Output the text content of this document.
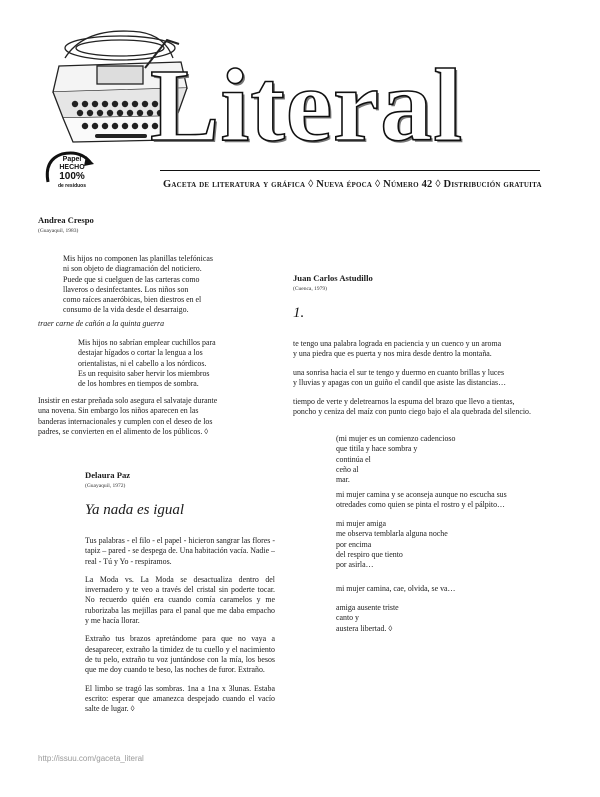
Papel
HECHO
100%
de residuos
Literal
Gaceta de literatura y gráfica ◊ Nueva época ◊ Número 42 ◊ Distribución gratuita
Andrea Crespo
(Guayaquil, 1983)
Mis hijos no componen las planillas telefónicas
ni son objeto de diagramación del noticiero.
Puede que si cuelguen de las carteras como
llaveros o desinfectantes. Los niños son
como raíces anaeróbicas, bien diestros en el
consumo de la vida desde el desarraigo.
traer carne de cañón a la quinta guerra
Mis hijos no sabrían emplear cuchillos para
destajar hígados o cortar la lengua a los
orientalistas, ni el cabello a los nórdicos.
Es un requisito saber hervir los miembros
de los hombres en tiempos de sombra.
Insistir en estar preñada solo asegura el salvataje durante
una novena. Sin embargo los niños aparecen en las
banderas internacionales y cumplen con el deseo de los
padres, se convierten en el alimento de los públicos. ◊
Delaura Paz
(Guayaquil, 1972)
Ya nada es igual

Tus palabras - el filo - el papel - hicieron sangrar las flores - tapiz – pared - se despega de. Una habitación vacía. Nadie – real - Tú y Yo - respiramos.

La Moda vs. La Moda se desactualiza dentro del invernadero y te veo a través del cristal sin poderte tocar. No recuerdo quién era cuando comía caramelos y me ruborizaba las mejillas para el panal que me daba empacho y me hacía llorar.

Extraño tus brazos apretándome para que no vaya a desaparecer, extraño la timidez de tu cuello y el nacimiento de tu pelo, extraño tu voz juntándose con la mía, los besos que me doy cuando te beso, las noches de furor. Extraño.

El limbo se tragó las sombras. 1na a 1na x 3lunas. Estaba escrito: esperar que amanezca despejado cuando el vacío salte de lugar. ◊

Juan Carlos Astudillo
(Cuenca, 1979)
1.
te tengo una palabra lograda en paciencia y un cuenco y un aroma
y una piedra que es puerta y nos mira desde dentro la montaña.
una sonrisa hacia el sur te tengo y duermo en cuanto brillas y luces
y lluvias y apagas con un guiño el candil que asiste las distancias…
tiempo de verte y deletrearnos la espuma del brazo que llevo a tientas,
poncho y ceniza del maíz con punto ciego bajo el ala quebrada del silencio.
(mi mujer es un comienzo cadencioso
que titila y hace sombra y
continúa el
ceño al
mar.
mi mujer camina y se aconseja aunque no escucha sus
otredades como quien se pinta el rostro y el pálpito…
mi mujer amiga
me observa temblarla alguna noche
por encima
del respiro que tiento
por asirla…
mi mujer camina, cae, olvida, se va…
amiga ausente triste
canto y
austera libertad. ◊
http://issuu.com/gaceta_literal
